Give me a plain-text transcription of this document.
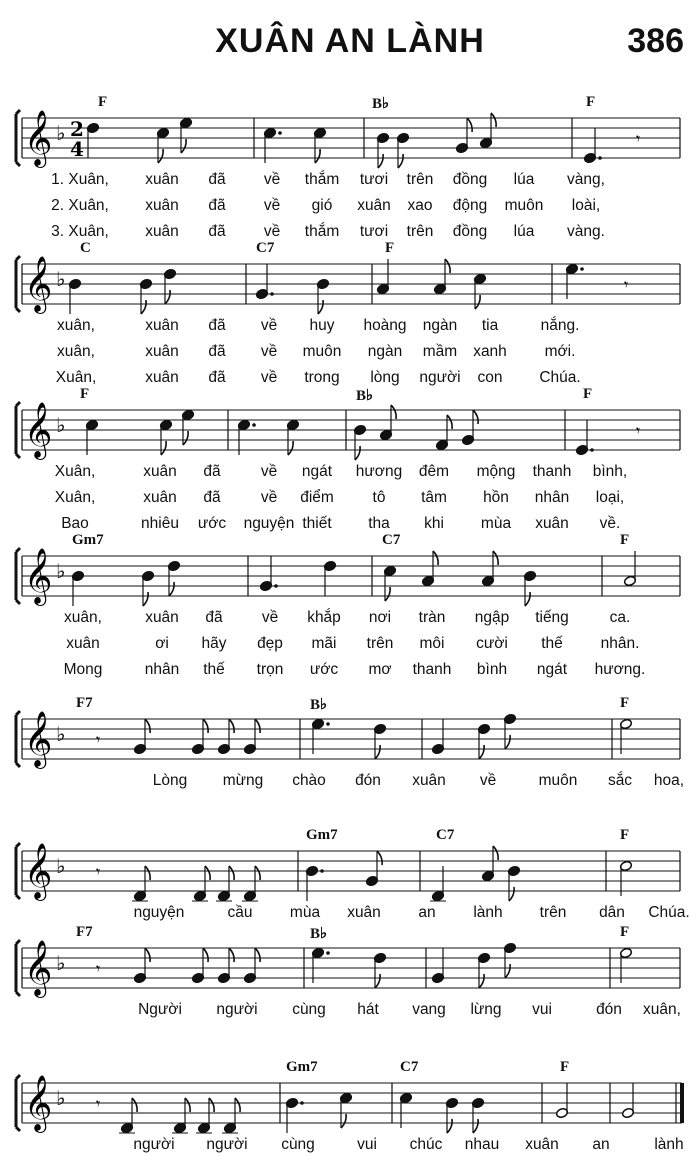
XUÂN AN LÀNH	386
𝄞 ♭ 2
4	𝄾
F	B♭	F
1. Xuân, xuân đã về thắm tươi trên đồng lúa vàng,
2. Xuân, xuân đã về gió xuân xao động muôn loài,
3. Xuân, xuân đã về thắm tươi trên đồng lúa vàng.
𝄞 ♭	𝄾
C	C7	F
xuân,	xuân đã về huy hoàng ngàn tia	nắng.
xuân,	xuân đã về muôn ngàn mầm xanh mới.
Xuân,	xuân đã về trong lòng người con Chúa.
𝄞 ♭	𝄾
F	B♭	F
Xuân,	xuân đã	về ngát hương đêm mộng thanh bình,
Xuân,	xuân đã	về điểm tô tâm hồn nhân loại,
Bao	nhiêu ước nguyện thiết tha khi mùa xuân về.
𝄞 ♭
Gm7	C7	F
xuân,	xuân đã	về khắp nơi tràn ngập tiếng	ca.
xuân	ơi hãy đẹp mãi trên môi cười thế nhân.
Mong	nhân thế trọn ước mơ thanh bình ngát hương.
𝄞 ♭ 𝄾
F7	B♭	F
Lòng mừng chào đón xuân về	muôn sắc hoa,
𝄞 ♭ 𝄾
Gm7	C7	F
nguyện	cầu mùa xuân an lành trên dân Chúa.
𝄞 ♭ 𝄾
F7	B♭	F
Người người cùng hát vang lừng vui	đón xuân,
𝄞 ♭ 𝄾
Gm7	C7	F
người người cùng	vui chúc nhau xuân an	lành
